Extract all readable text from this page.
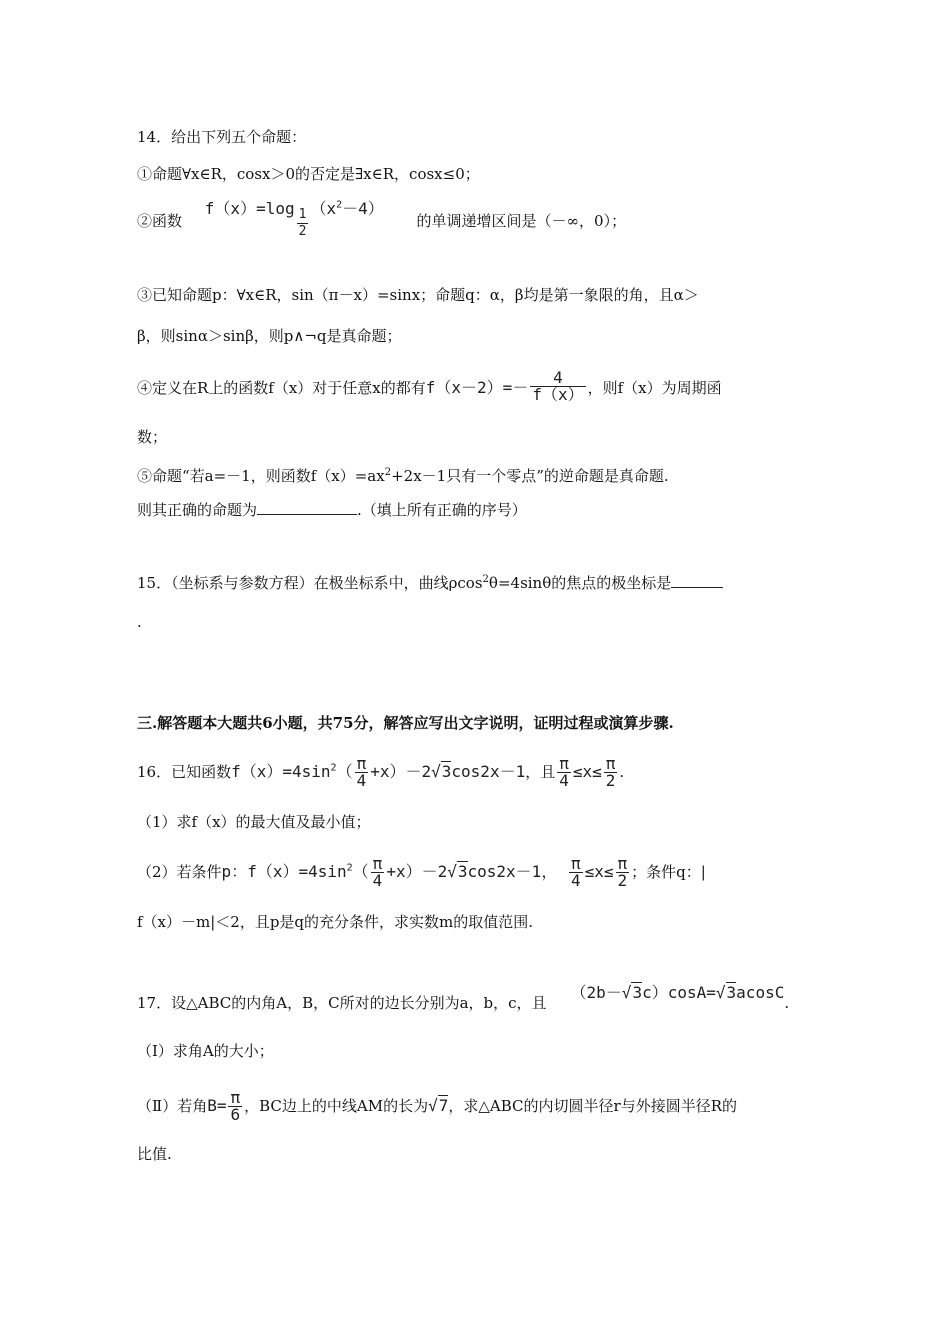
14．给出下列五个命题：
①命题∀x∈R，cosx＞0的否定是∃x∈R，cosx≤0；
②函数 $f(x)=\log \frac{1}{2} (x^2-4)$ 的单调递增区间是（－∞，0）；
③已知命题p：∀x∈R，sin（π－x）=sinx；命题q：α，β均是第一象限的角，且α＞
β，则sinα＞sinβ，则p∧¬q是真命题；
④定义在R上的函数f（x）对于任意x的都有$f(x-2)=- \frac{4}{f(x)}$ ，则f（x）为周期函
数；
⑤命题“若a=－1，则函数$f(x)=ax^2+2x-1$只有一个零点”的逆命题是真命题.
则其正确的命题为	.（填上所有正确的序号）
15．（坐标系与参数方程）在极坐标系中，曲线ρcos$^2$θ=4sinθ的焦点的极坐标是
.
三.解答题本大题共6小题，共75分，解答应写出文字说明，证明过程或演算步骤.
16．已知函数$f(x)=4\sin^2( \frac{\pi}{4} +x)-2√3\cos 2x-1$，且 $\frac{\pi}{4} \le x\le \frac{\pi}{2}$ .
（1）求f（x）的最大值及最小值；
（2）若条件p：$f(x)=4\sin^2( \frac{\pi}{4} +x)-2√3\cos 2x-1$， $\frac{\pi}{4} \le x\le \frac{\pi}{2}$ ；条件q：|
f（x）－m|＜2，且p是q的充分条件，求实数m的取值范围.
17．设△ABC的内角A，B，C所对的边长分别为a，b，c，且（2b－√3c）cosA=√3acosC.
（Ⅰ）求角A的大小；
（Ⅱ）若角$B= \frac{\pi}{6}$ ，BC边上的中线AM的长为√7，求△ABC的内切圆半径r与外接圆半径R的
比值.
